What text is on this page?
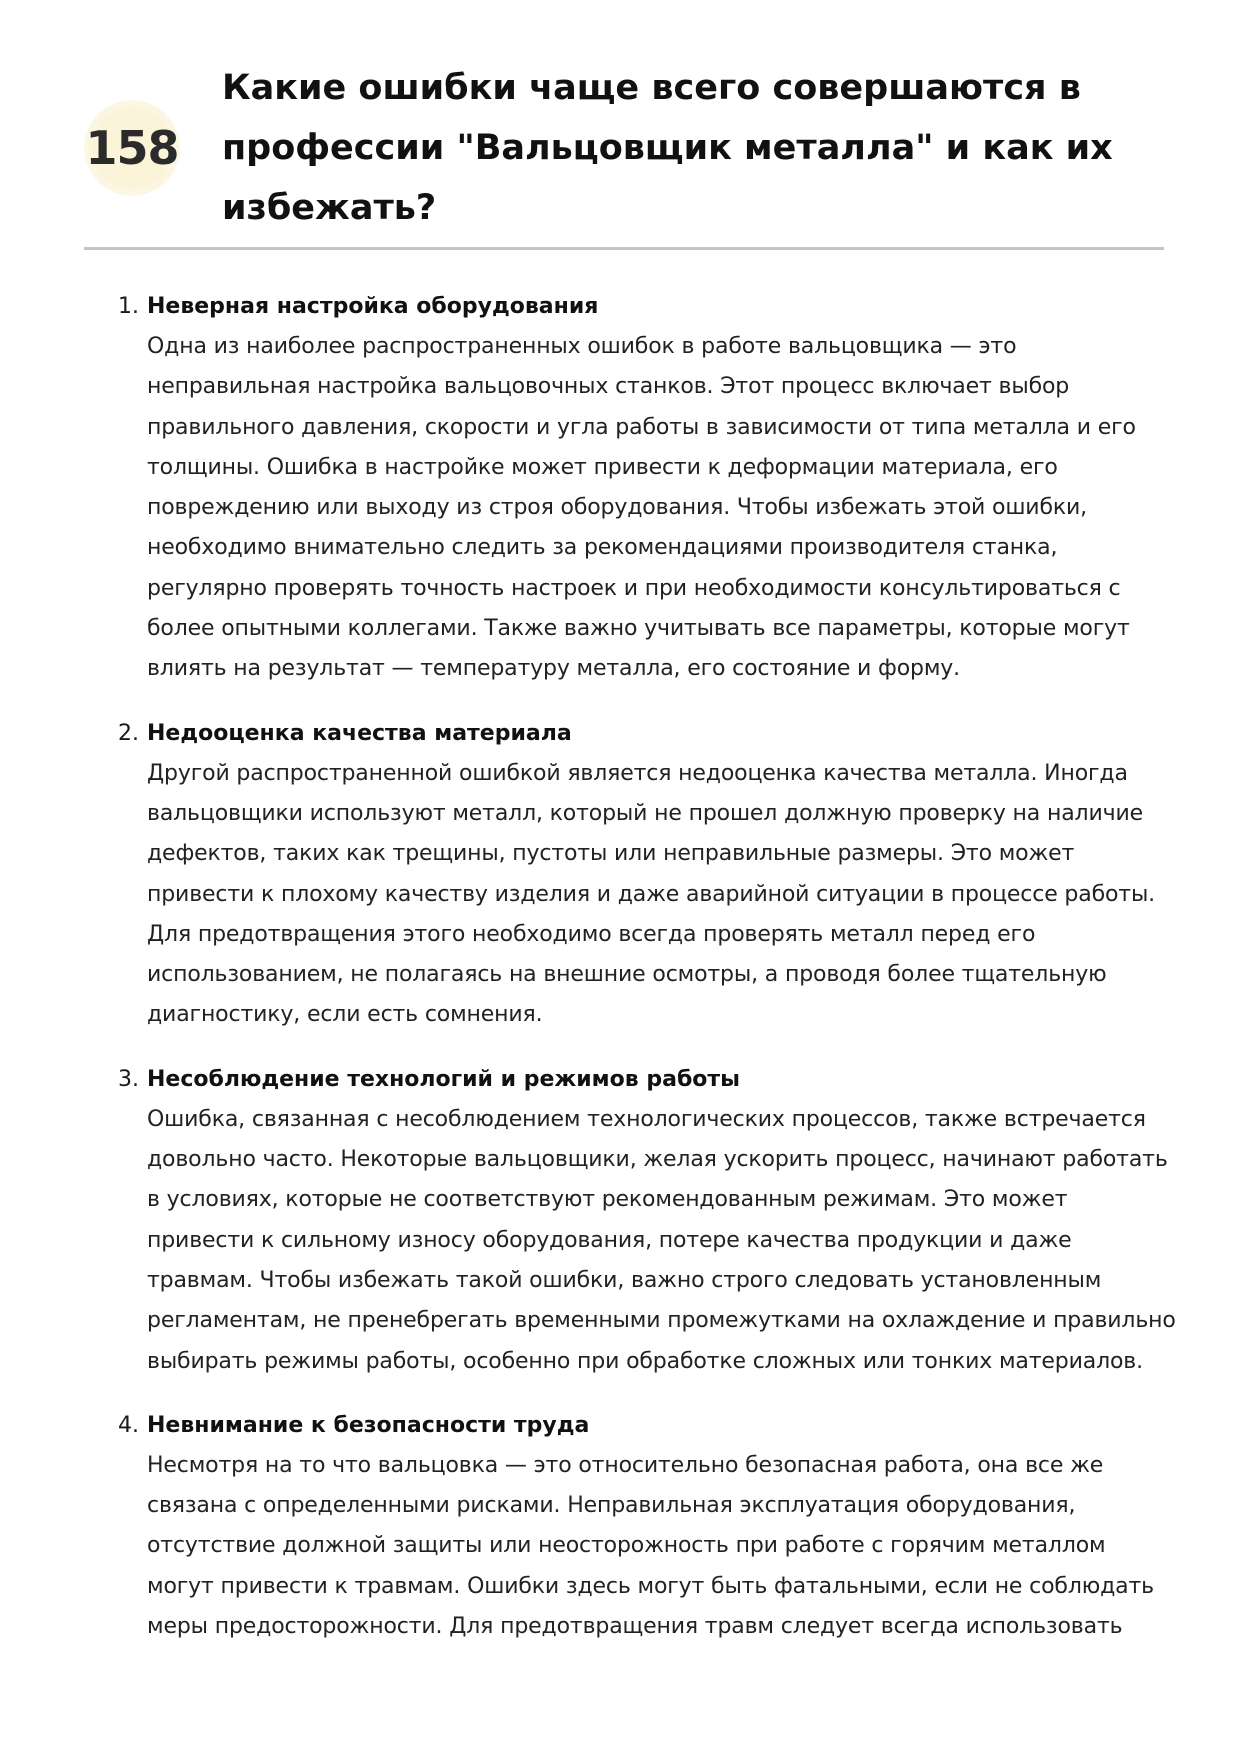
158
Какие ошибки чаще всего совершаются в профессии "Вальцовщик металла" и как их избежать?
1. Неверная настройка оборудования
Одна из наиболее распространенных ошибок в работе вальцовщика — это неправильная настройка вальцовочных станков. Этот процесс включает выбор правильного давления, скорости и угла работы в зависимости от типа металла и его толщины. Ошибка в настройке может привести к деформации материала, его повреждению или выходу из строя оборудования. Чтобы избежать этой ошибки, необходимо внимательно следить за рекомендациями производителя станка, регулярно проверять точность настроек и при необходимости консультироваться с более опытными коллегами. Также важно учитывать все параметры, которые могут влиять на результат — температуру металла, его состояние и форму.
2. Недооценка качества материала
Другой распространенной ошибкой является недооценка качества металла. Иногда вальцовщики используют металл, который не прошел должную проверку на наличие дефектов, таких как трещины, пустоты или неправильные размеры. Это может привести к плохому качеству изделия и даже аварийной ситуации в процессе работы. Для предотвращения этого необходимо всегда проверять металл перед его использованием, не полагаясь на внешние осмотры, а проводя более тщательную диагностику, если есть сомнения.
3. Несоблюдение технологий и режимов работы
Ошибка, связанная с несоблюдением технологических процессов, также встречается довольно часто. Некоторые вальцовщики, желая ускорить процесс, начинают работать в условиях, которые не соответствуют рекомендованным режимам. Это может привести к сильному износу оборудования, потере качества продукции и даже травмам. Чтобы избежать такой ошибки, важно строго следовать установленным регламентам, не пренебрегать временными промежутками на охлаждение и правильно выбирать режимы работы, особенно при обработке сложных или тонких материалов.
4. Невнимание к безопасности труда
Несмотря на то что вальцовка — это относительно безопасная работа, она все же связана с определенными рисками. Неправильная эксплуатация оборудования, отсутствие должной защиты или неосторожность при работе с горячим металлом могут привести к травмам. Ошибки здесь могут быть фатальными, если не соблюдать меры предосторожности. Для предотвращения травм следует всегда использовать
